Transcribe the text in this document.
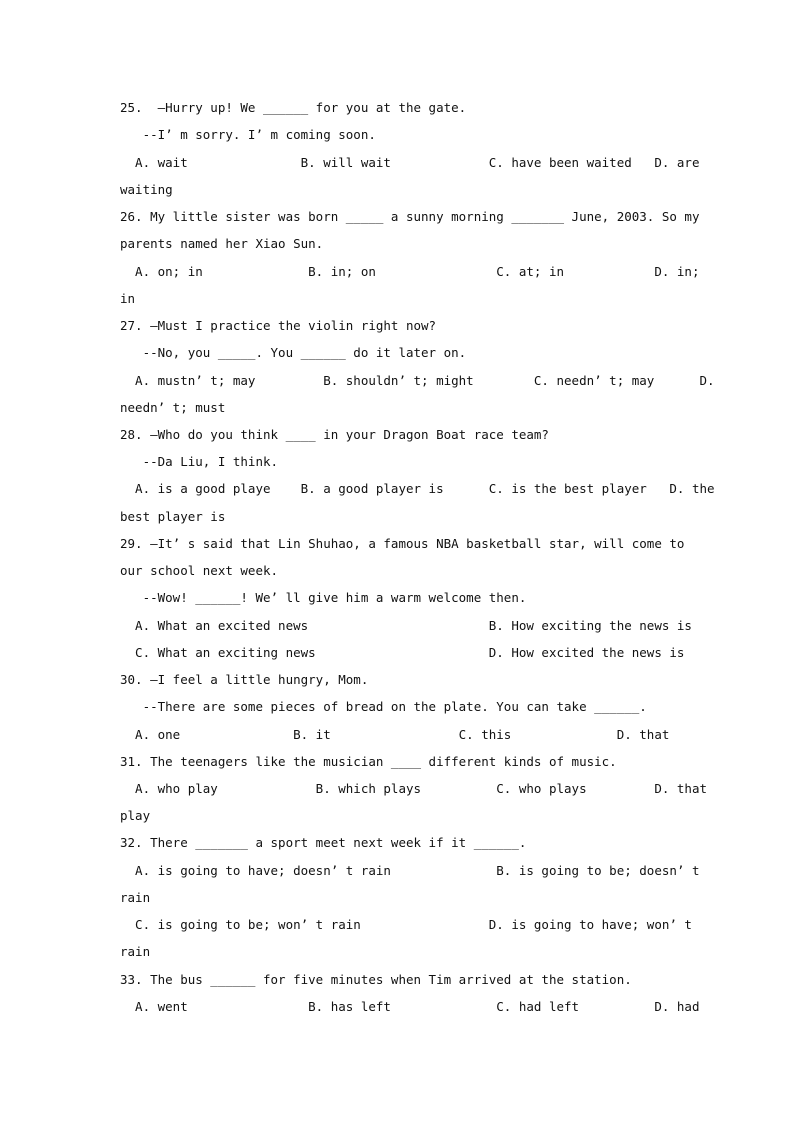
25.  ―Hurry up! We ______ for you at the gate.
--I’ m sorry. I’ m coming soon.
A. wait               B. will wait             C. have been waited   D. are
waiting
26. My little sister was born _____ a sunny morning _______ June, 2003. So my
parents named her Xiao Sun.
A. on; in              B. in; on                C. at; in            D. in;
in
27. ―Must I practice the violin right now?
--No, you _____. You ______ do it later on.
A. mustn’ t; may         B. shouldn’ t; might        C. needn’ t; may      D.
needn’ t; must
28. ―Who do you think ____ in your Dragon Boat race team?
--Da Liu, I think.
A. is a good playe    B. a good player is      C. is the best player   D. the
best player is
29. ―It’ s said that Lin Shuhao, a famous NBA basketball star, will come to
our school next week.
--Wow! ______! We’ ll give him a warm welcome then.
A. What an excited news                        B. How exciting the news is
C. What an exciting news                       D. How excited the news is
30. ―I feel a little hungry, Mom.
--There are some pieces of bread on the plate. You can take ______.
A. one               B. it                 C. this              D. that
31. The teenagers like the musician ____ different kinds of music.
A. who play             B. which plays          C. who plays         D. that
play
32. There _______ a sport meet next week if it ______.
A. is going to have; doesn’ t rain              B. is going to be; doesn’ t
rain
C. is going to be; won’ t rain                 D. is going to have; won’ t
rain
33. The bus ______ for five minutes when Tim arrived at the station.
A. went                B. has left              C. had left          D. had
